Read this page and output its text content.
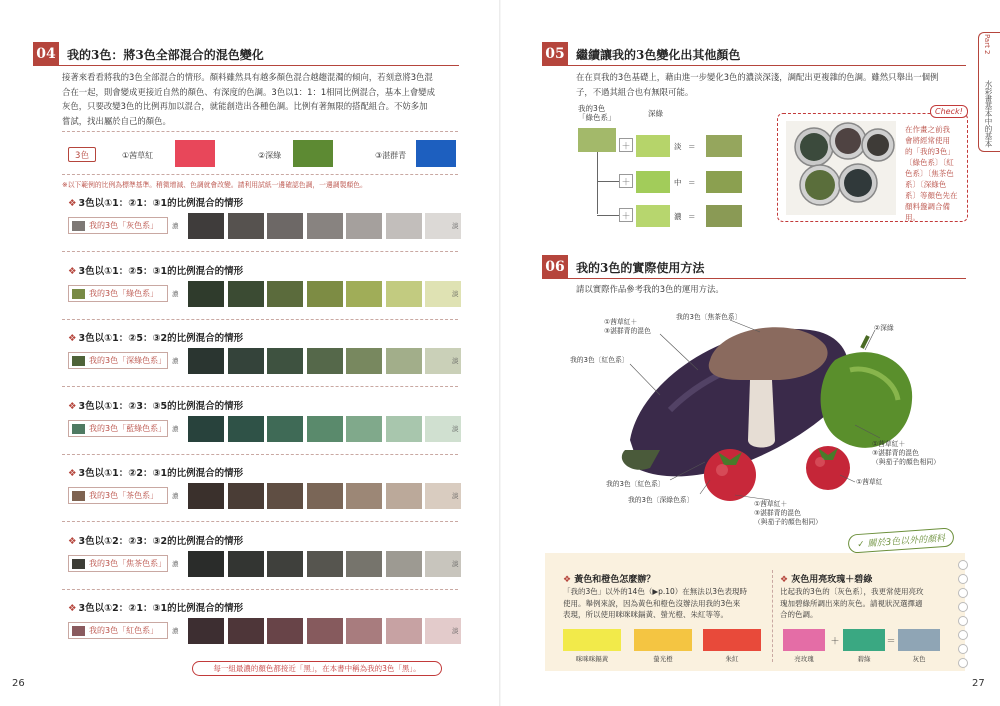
04 我的3色：將3色全部混合的混色變化
接著來看看將我的3色全部混合的情形。顏料雖然具有越多顏色混合越趨混濁的傾向，若刻意將3色混
合在一起，則會變成更接近自然的顏色、有深度的色調。3色以1：1：1相同比例混合，基本上會變成
灰色，只要改變3色的比例再加以混合，就能創造出各種色調。比例有著無限的搭配組合。不妨多加
嘗試，找出屬於自己的顏色。
3色	①茜草紅	②深綠	③湛群青
※以下範例的比例為標準基準。稍微增減、色調就會改變。請利用試紙一邊確認色調，一邊調製顏色。
❖ 3色以①1：②1：③1的比例混合的情形
我的3色「灰色系」 濃	淡
❖ 3色以①1：②5：③1的比例混合的情形
我的3色「綠色系」 濃	淡
❖ 3色以①1：②5：③2的比例混合的情形
我的3色「深綠色系」 濃	淡
❖ 3色以①1：②3：③5的比例混合的情形
我的3色「藍綠色系」 濃	淡
❖ 3色以①1：②2：③1的比例混合的情形
我的3色「茶色系」 濃	淡
❖ 3色以①2：②3：③2的比例混合的情形
我的3色「焦茶色系」 濃	淡
❖ 3色以①2：②1：③1的比例混合的情形
我的3色「紅色系」 濃	淡
每一組最濃的顏色都接近「黑」，在本書中稱為我的3色「黑」。
26
Part 2
水彩畫基本中的基本
05 繼續讓我的3色變化出其他顏色
在在頁我的3色基礎上，藉由進一步變化3色的濃淡深淺，調配出更複雜的色調。雖然只舉出一個例
子，不過其組合也有無限可能。
我的3色
「綠色系」	深綠
＋	淡 ＝
＋	中 ＝
＋	濃 ＝
Check!
在作畫之前我
會將經常使用
的「我的3色」
〔綠色系〕〔紅
色系〕〔焦茶色
系〕〔深綠色
系〕等顏色先在
顏料盤調合備
用。
06 我的3色的實際使用方法
請以實際作品參考我的3色的運用方法。
①茜草紅＋
③湛群青的混色
我的3色〔焦茶色系〕
②深綠
我的3色〔紅色系〕
①茜草紅＋
③湛群青的混色
（與茄子的顏色相同）
我的3色〔紅色系〕	①茜草紅
我的3色〔深綠色系〕	①茜草紅＋
③湛群青的混色
（與茄子的顏色相同）
✓ 關於3色以外的顏料
❖ 黃色和橙色怎麼辦？
「我的3色」以外的14色（▶p.10）在無法以3色表現時
使用。舉例來說，因為黃色和橙色沒辦法用我的3色來
表現，所以使用咪咪咪鎘黃、螢光橙、朱紅等等。
❖ 灰色用亮玫瑰＋碧綠
比起我的3色的〔灰色系〕，我更常使用亮玫
瑰加碧綠所調出來的灰色。請視狀況選擇適
合的色調。
咪咪咪鎘黃	螢光橙	朱紅	亮玫瑰	碧綠	灰色
＋	＝
27
